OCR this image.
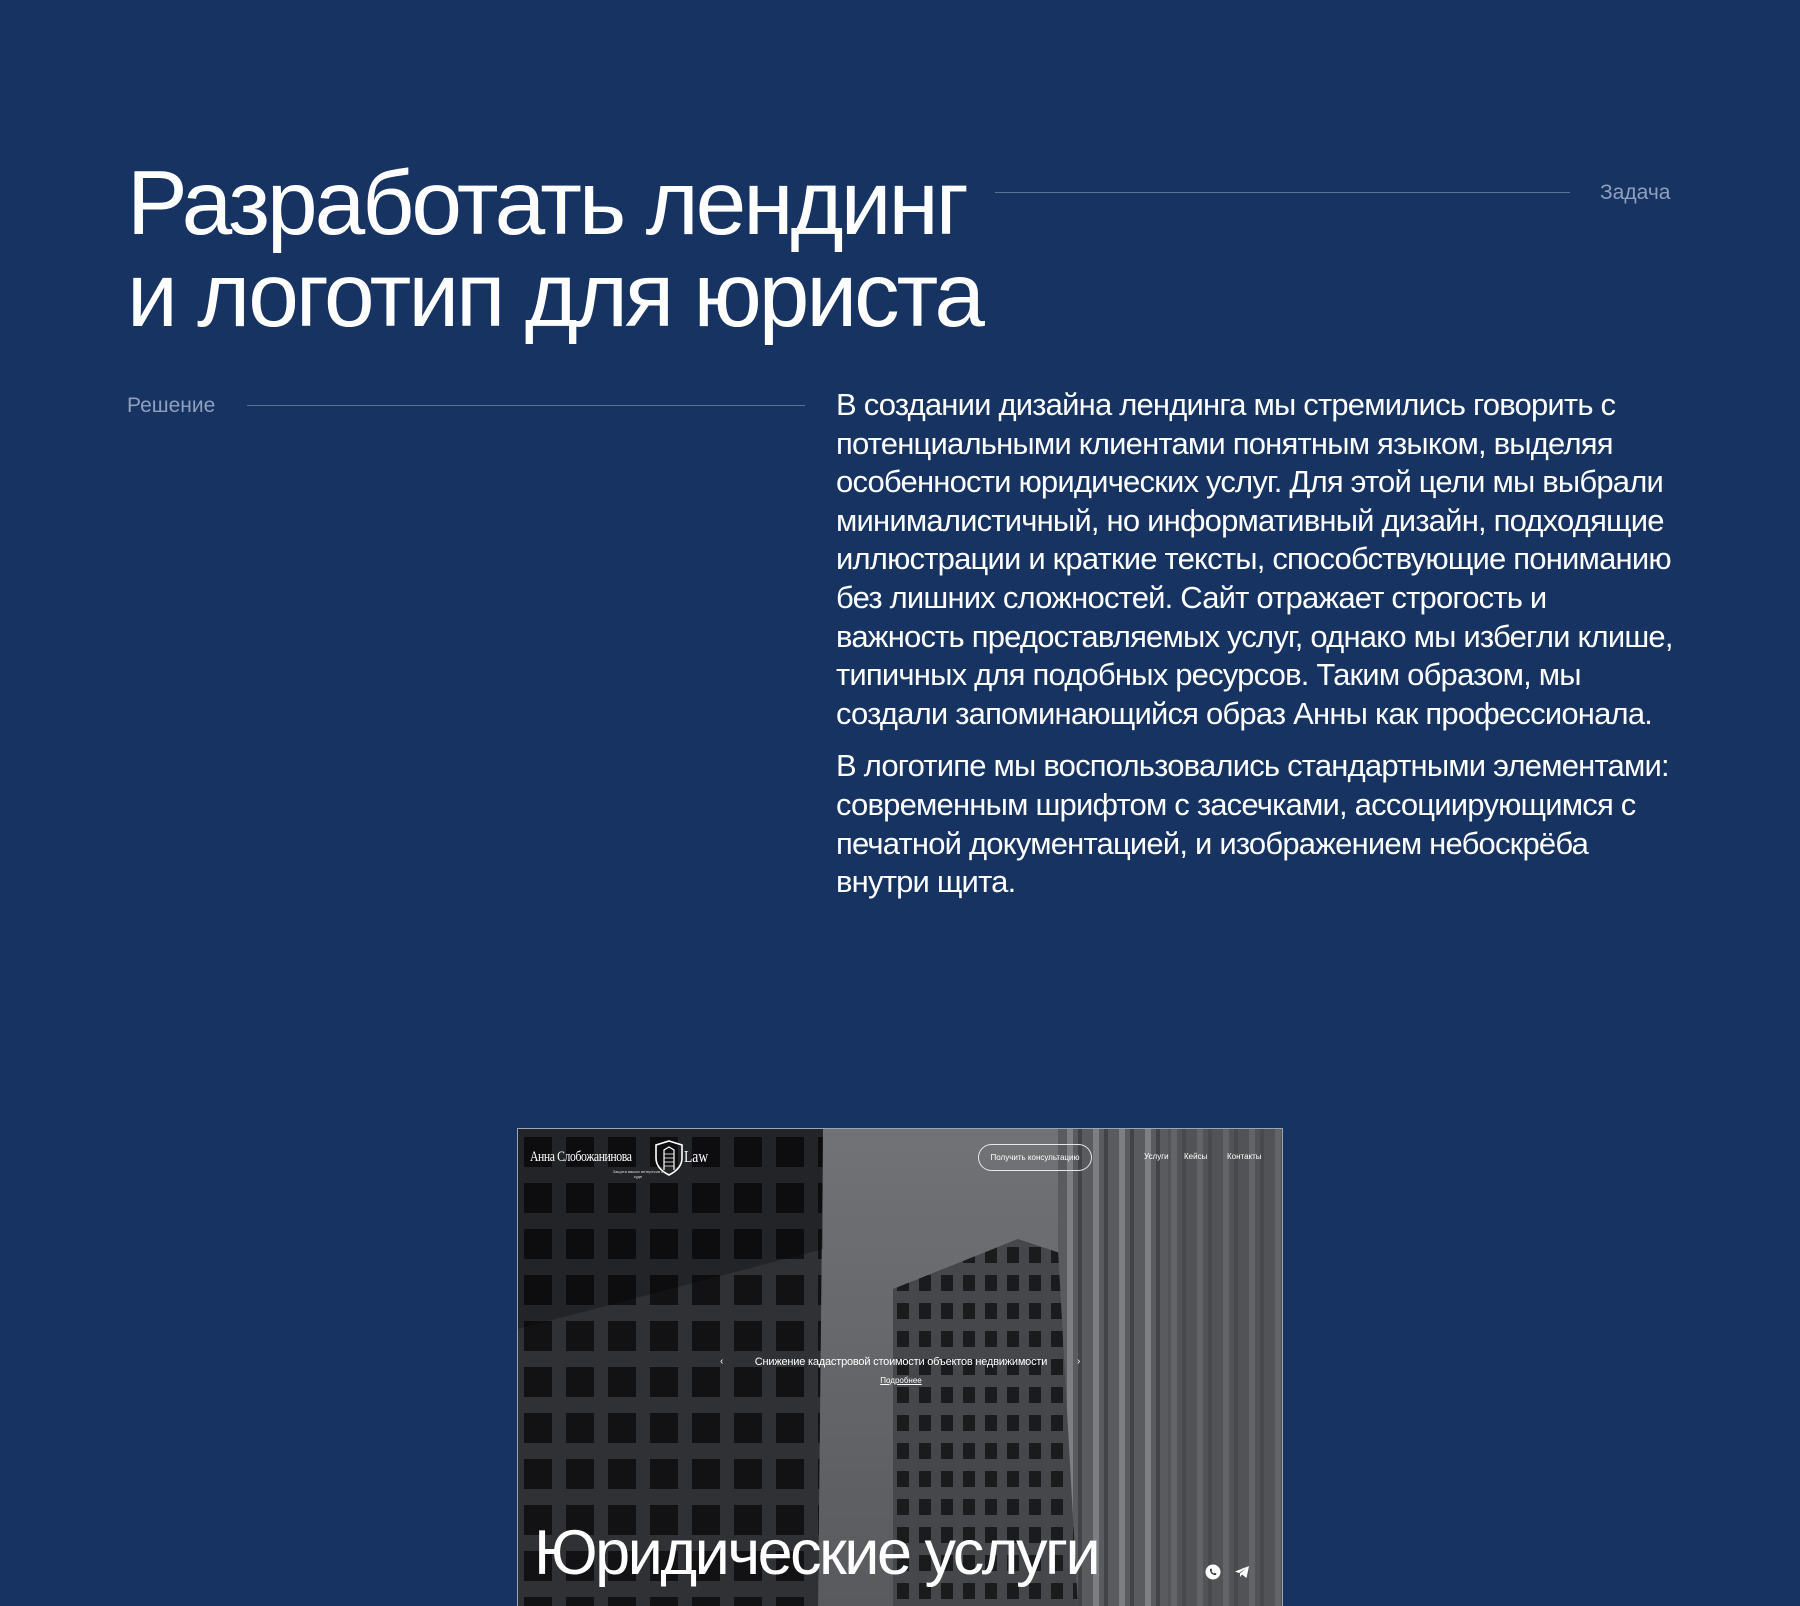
Разработать лендинг
и логотип для юриста
Задача
Решение	В создании дизайна лендинга мы стремились говорить с потенциальными клиентами понятным языком, выделяя особенности юридических услуг. Для этой цели мы выбрали минималистичный, но информативный дизайн, подходящие иллюстрации и краткие тексты, способствующие пониманию без лишних сложностей. Сайт отражает строгость и важность предоставляемых услуг, однако мы избегли клише, типичных для подобных ресурсов. Таким образом, мы создали запоминающийся образ Анны как профессионала.

В логотипе мы воспользовались стандартными элементами: современным шрифтом с засечками, ассоциирующимся с печатной документацией, и изображением небоскрёба внутри щита.

Анна Слобожанинова	Law
Защита ваших интересов в суде
Получить консультацию	Услуги Кейсы Контакты
‹	Снижение кадастровой стоимости объектов недвижимости	›
Подробнее
Юридические услуги
